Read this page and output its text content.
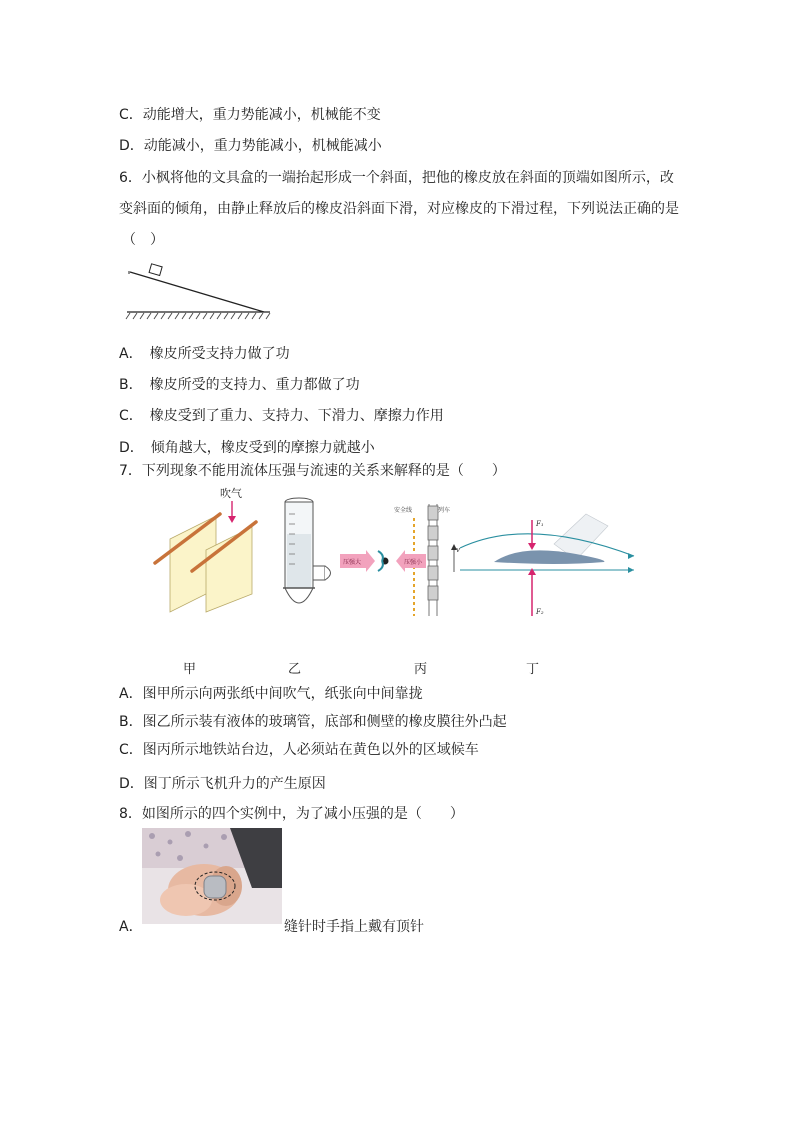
C．动能增大，重力势能减小，机械能不变
D．动能减小，重力势能减小，机械能减小
6．小枫将他的文具盒的一端抬起形成一个斜面，把他的橡皮放在斜面的顶端如图所示，改
变斜面的倾角，由静止释放后的橡皮沿斜面下滑，对应橡皮的下滑过程，下列说法正确的是
（　）
A．　橡皮所受支持力做了功
B．　橡皮所受的支持力、重力都做了功
C．　橡皮受到了重力、支持力、下滑力、摩擦力作用
D．　倾角越大，橡皮受到的摩擦力就越小
7．下列现象不能用流体压强与流速的关系来解释的是（　　）
吹气
安全线	列车
v
压强大	压强小
F₁
F₂
甲	乙	丙	丁
A．图甲所示向两张纸中间吹气，纸张向中间靠拢
B．图乙所示装有液体的玻璃管，底部和侧壁的橡皮膜往外凸起
C．图丙所示地铁站台边，人必须站在黄色以外的区域候车
D．图丁所示飞机升力的产生原因
8．如图所示的四个实例中，为了减小压强的是（　　）
A．	缝针时手指上戴有顶针
